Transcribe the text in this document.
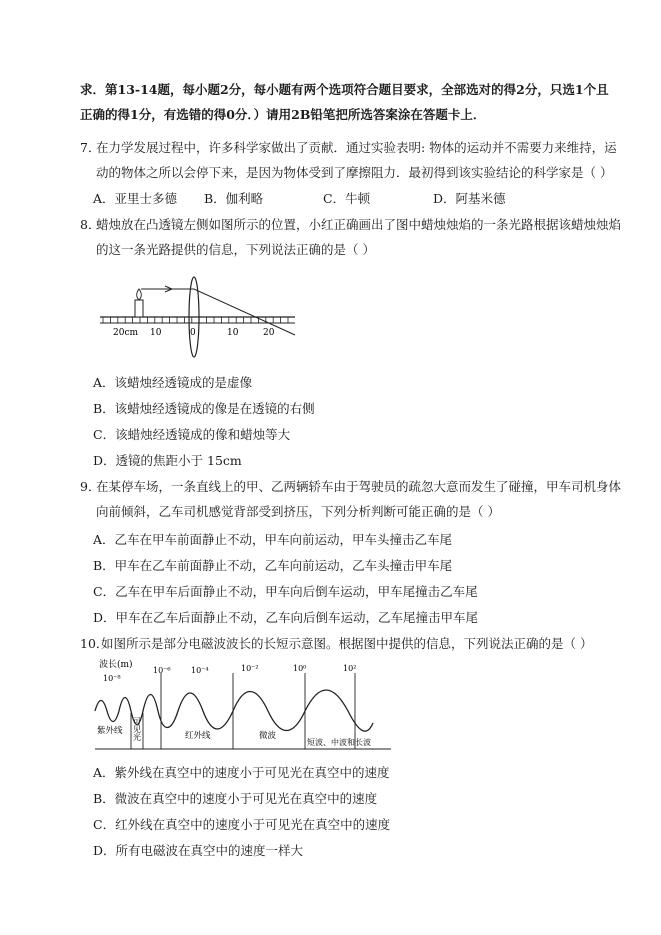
求．第13-14题，每小题2分，每小题有两个选项符合题目要求，全部选对的得2分，只选1个且
正确的得1分，有选错的得0分．）请用2B铅笔把所选答案涂在答题卡上．
7．
在力学发展过程中，许多科学家做出了贡献．通过实验表明: 物体的运动并不需要力来维持，运
动的物体之所以会停下来，是因为物体受到了摩擦阻力．最初得到该实验结论的科学家是（ ）
A．亚里士多德 B．伽利略	C．牛顿	D．阿基米德
8．
蜡烛放在凸透镜左侧如图所示的位置，小红正确画出了图中蜡烛烛焰的一条光路根据该蜡烛烛焰
的这一条光路提供的信息，下列说法正确的是（ ）
20cm 10	0	10	20
A．该蜡烛经透镜成的是虚像
B．该蜡烛经透镜成的像是在透镜的右侧
C．该蜡烛经透镜成的像和蜡烛等大
D．透镜的焦距小于 15cm
9．
在某停车场，一条直线上的甲、乙两辆轿车由于驾驶员的疏忽大意而发生了碰撞，甲车司机身体
向前倾斜，乙车司机感觉背部受到挤压，下列分析判断可能正确的是（ ）
A．乙车在甲车前面静止不动，甲车向前运动，甲车头撞击乙车尾
B．甲车在乙车前面静止不动，乙车向前运动，乙车头撞击甲车尾
C．乙车在甲车后面静止不动，甲车向后倒车运动，甲车尾撞击乙车尾
D．甲车在乙车后面静止不动，乙车向后倒车运动，乙车尾撞击甲车尾
10．
如图所示是部分电磁波波长的长短示意图。根据图中提供的信息，下列说法正确的是（ ）
波长(m)
10⁻⁸
10⁻⁶	10⁻⁴	10⁻²	10⁰	10²
紫外线 可见光	红外线	微波
短波、中波和长波
A．紫外线在真空中的速度小于可见光在真空中的速度
B．微波在真空中的速度小于可见光在真空中的速度
C．红外线在真空中的速度小于可见光在真空中的速度
D．所有电磁波在真空中的速度一样大
